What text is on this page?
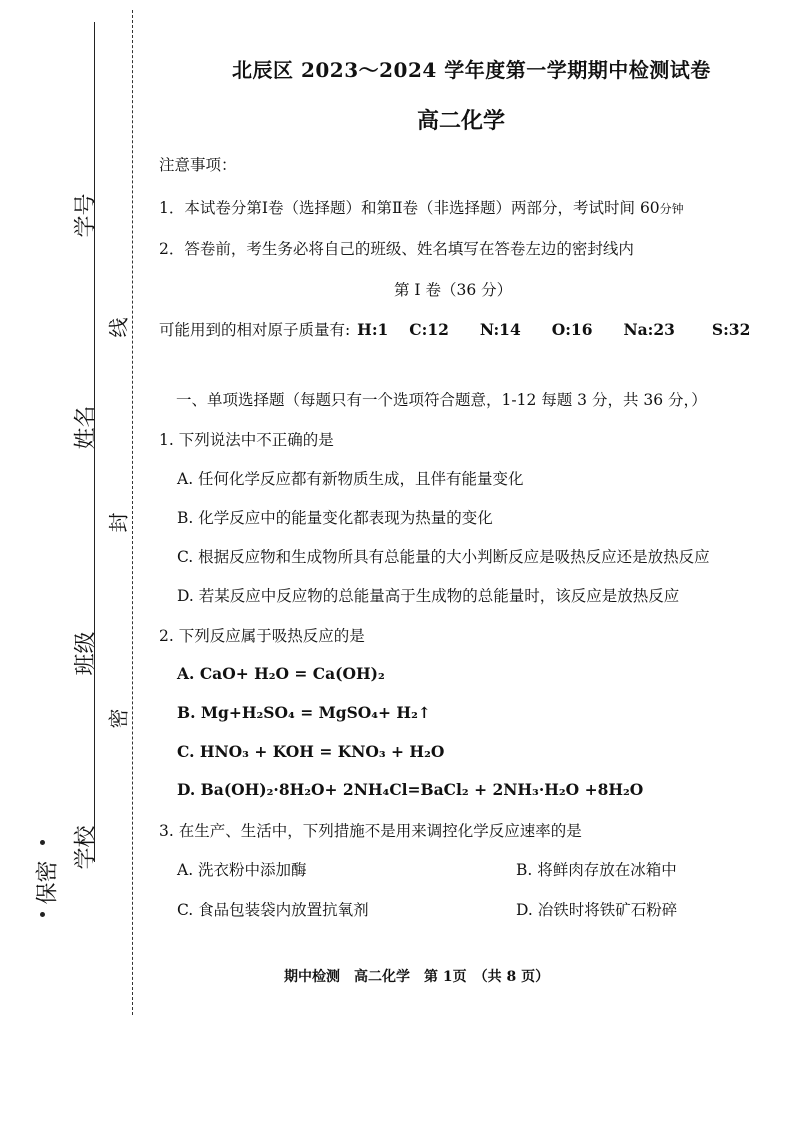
学号
姓名
班级
学校
保密
线
封
密
北辰区 2023～2024 学年度第一学期期中检测试卷
高二化学
注意事项：
1．本试卷分第Ⅰ卷（选择题）和第Ⅱ卷（非选择题）两部分，考试时间 60分钟
2．答卷前，考生务必将自己的班级、姓名填写在答卷左边的密封线内
第 Ⅰ 卷（36 分）
可能用到的相对原子质量有: H:1 C:12 N:14 O:16 Na:23 S:32
一、单项选择题（每题只有一个选项符合题意，1-12 每题 3 分，共 36 分，）
1. 下列说法中不正确的是
A. 任何化学反应都有新物质生成，且伴有能量变化
B. 化学反应中的能量变化都表现为热量的变化
C. 根据反应物和生成物所具有总能量的大小判断反应是吸热反应还是放热反应
D. 若某反应中反应物的总能量高于生成物的总能量时，该反应是放热反应
2. 下列反应属于吸热反应的是
A. CaO+ H₂O = Ca(OH)₂
B. Mg+H₂SO₄ = MgSO₄+ H₂↑
C. HNO₃ + KOH = KNO₃ + H₂O
D. Ba(OH)₂·8H₂O+ 2NH₄Cl=BaCl₂ + 2NH₃·H₂O +8H₂O
3. 在生产、生活中，下列措施不是用来调控化学反应速率的是
A. 洗衣粉中添加酶	B. 将鲜肉存放在冰箱中
C. 食品包装袋内放置抗氧剂	D. 冶铁时将铁矿石粉碎
期中检测　高二化学　第 1页　（共 8 页）
